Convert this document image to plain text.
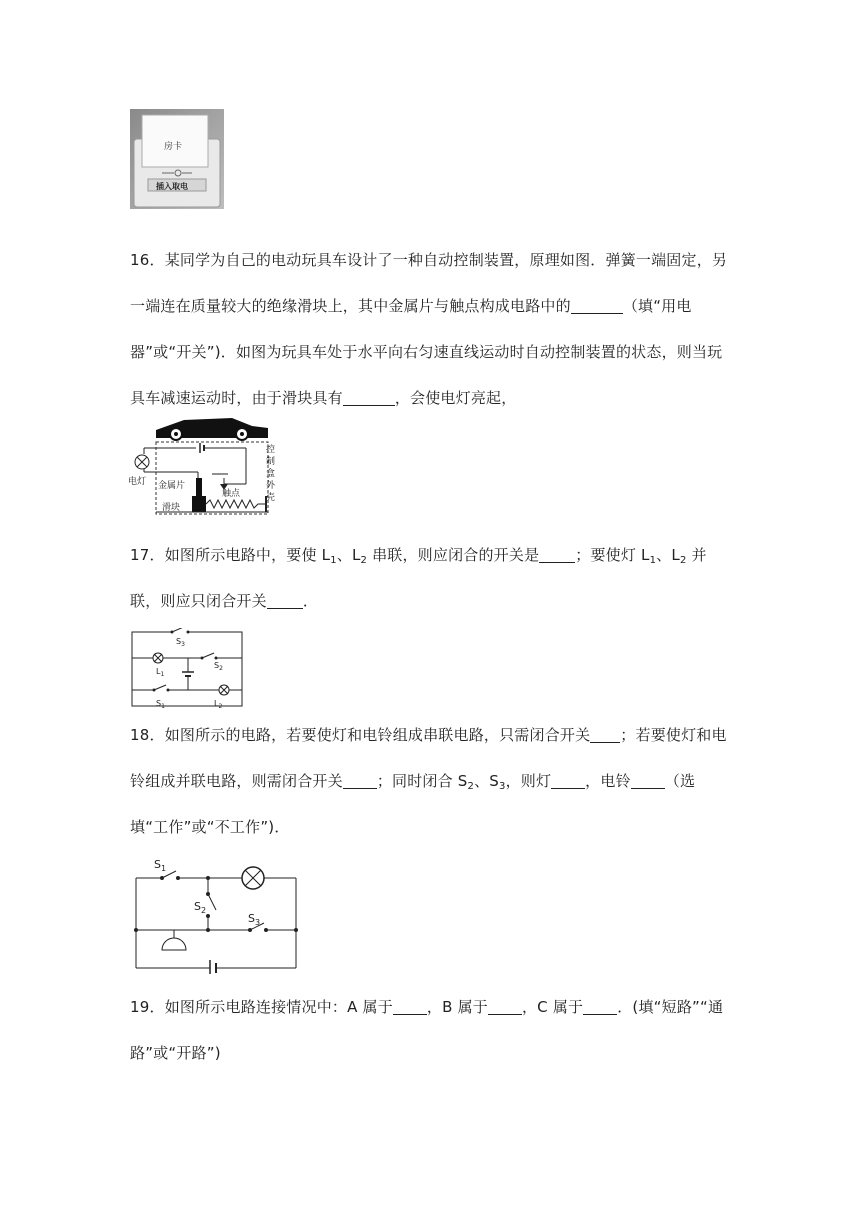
房卡
插入取电
16．某同学为自己的电动玩具车设计了一种自动控制装置，原理如图．弹簧一端固定，另一端连在质量较大的绝缘滑块上，其中金属片与触点构成电路中的	（填“用电器”或“开关”)．如图为玩具车处于水平向右匀速直线运动时自动控制装置的状态，则当玩具车减速运动时，由于滑块具有	，会使电灯亮起，
电灯 金属片
触点
滑块
控制盒外壳
17．如图所示电路中，要使 $L_1$、$L_2$ 串联，则应闭合的开关是 ；要使灯 $L_1$、$L_2$ 并联，则应只闭合开关 ．
$S_3$
$L_1$
$S_2$
$S_1$	$L_2$
18．如图所示的电路，若要使灯和电铃组成串联电路，只需闭合开关 ；若要使灯和电铃组成并联电路，则需闭合开关 ；同时闭合 $S_2$、$S_3$，则灯 ，电铃 （选填“工作”或“不工作”)．
$S_1$
$S_2$
$S_3$
19．如图所示电路连接情况中：A 属于 ，B 属于 ，C 属于 ．(填“短路”“通路”或“开路”)
